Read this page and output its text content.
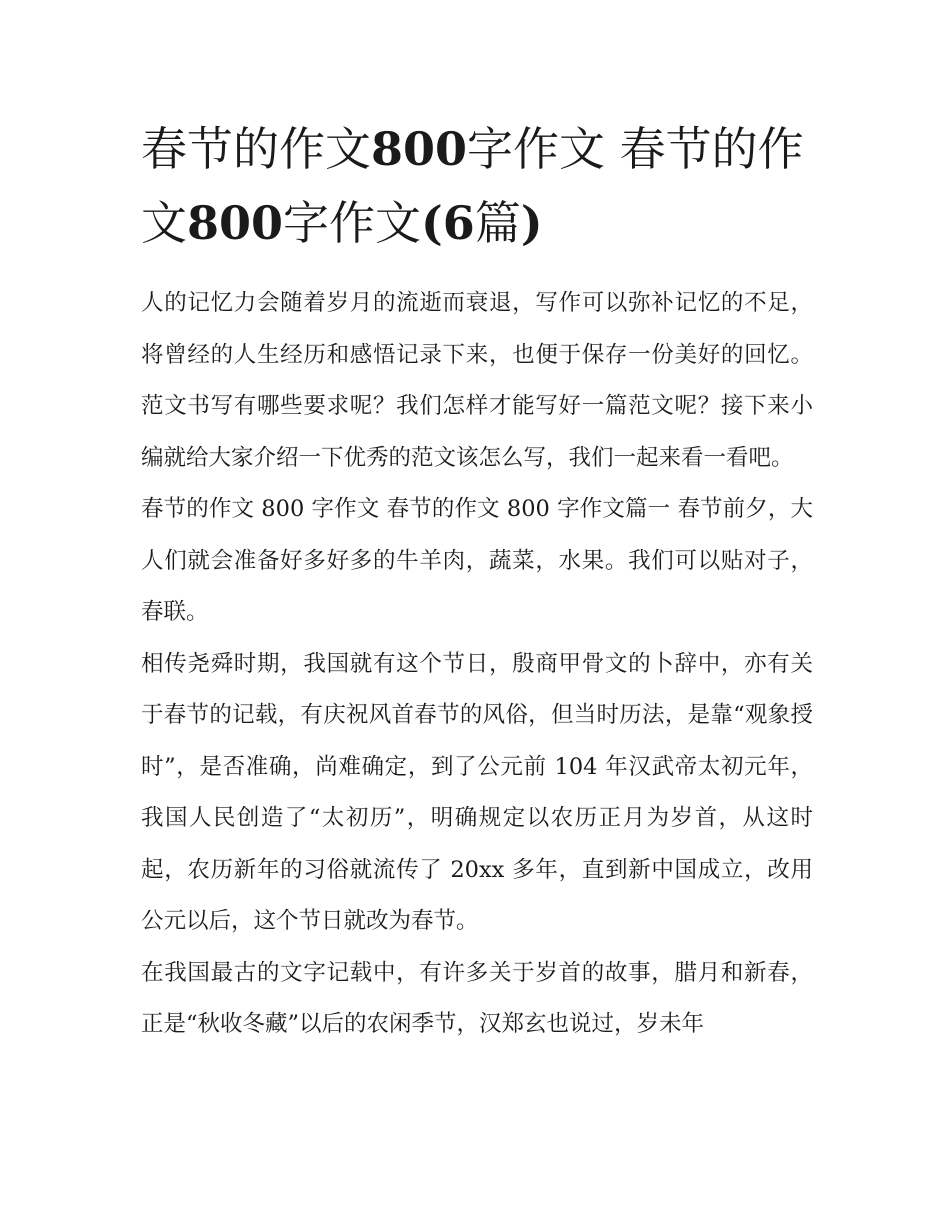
春节的作文800字作文 春节的作文800字作文(6篇)

人的记忆力会随着岁月的流逝而衰退，写作可以弥补记忆的不足，将曾经的人生经历和感悟记录下来，也便于保存一份美好的回忆。范文书写有哪些要求呢？我们怎样才能写好一篇范文呢？接下来小编就给大家介绍一下优秀的范文该怎么写，我们一起来看一看吧。

春节的作文 800 字作文 春节的作文 800 字作文篇一 春节前夕，大人们就会准备好多好多的牛羊肉，蔬菜，水果。我们可以贴对子，春联。

相传尧舜时期，我国就有这个节日，殷商甲骨文的卜辞中，亦有关于春节的记载，有庆祝风首春节的风俗，但当时历法，是靠“观象授时”，是否准确，尚难确定，到了公元前 104 年汉武帝太初元年，我国人民创造了“太初历”，明确规定以农历正月为岁首，从这时起，农历新年的习俗就流传了 20xx 多年，直到新中国成立，改用公元以后，这个节日就改为春节。

在我国最古的文字记载中，有许多关于岁首的故事，腊月和新春，正是“秋收冬藏”以后的农闲季节，汉郑玄也说过，岁未年
